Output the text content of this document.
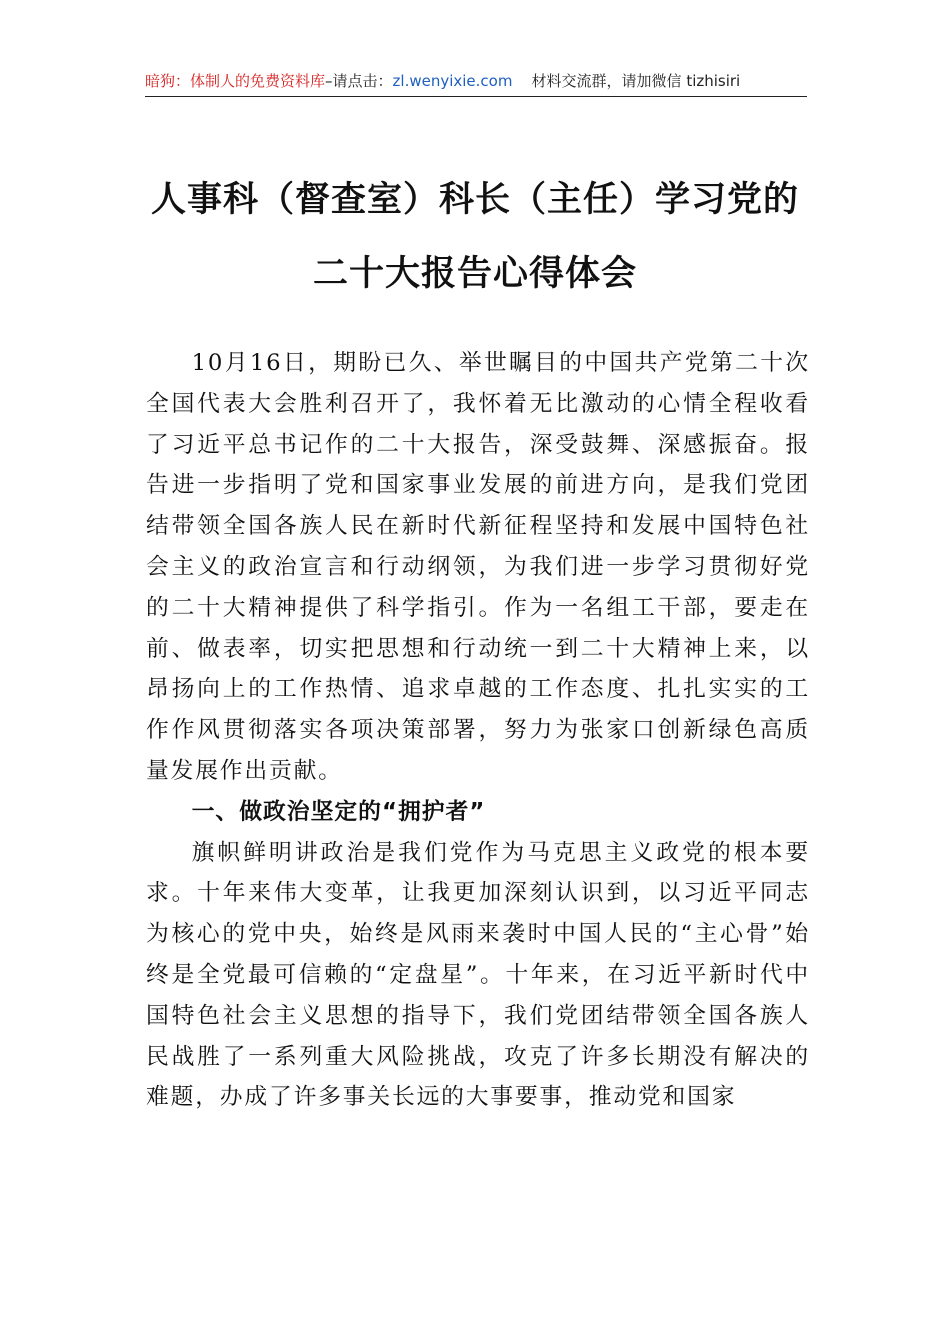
暗狗：体制人的免费资料库–请点击：zl.wenyixie.com 材料交流群，请加微信 tizhisiri
人事科（督查室）科长（主任）学习党的
二十大报告心得体会

10月16日，期盼已久、举世瞩目的中国共产党第二十次全国代表大会胜利召开了，我怀着无比激动的心情全程收看了习近平总书记作的二十大报告，深受鼓舞、深感振奋。报告进一步指明了党和国家事业发展的前进方向，是我们党团结带领全国各族人民在新时代新征程坚持和发展中国特色社会主义的政治宣言和行动纲领，为我们进一步学习贯彻好党的二十大精神提供了科学指引。作为一名组工干部，要走在前、做表率，切实把思想和行动统一到二十大精神上来，以昂扬向上的工作热情、追求卓越的工作态度、扎扎实实的工作作风贯彻落实各项决策部署，努力为张家口创新绿色高质量发展作出贡献。

一、做政治坚定的“拥护者”

旗帜鲜明讲政治是我们党作为马克思主义政党的根本要求。十年来伟大变革，让我更加深刻认识到，以习近平同志为核心的党中央，始终是风雨来袭时中国人民的“主心骨”始终是全党最可信赖的“定盘星”。十年来，在习近平新时代中国特色社会主义思想的指导下，我们党团结带领全国各族人民战胜了一系列重大风险挑战，攻克了许多长期没有解决的难题，办成了许多事关长远的大事要事，推动党和国家
